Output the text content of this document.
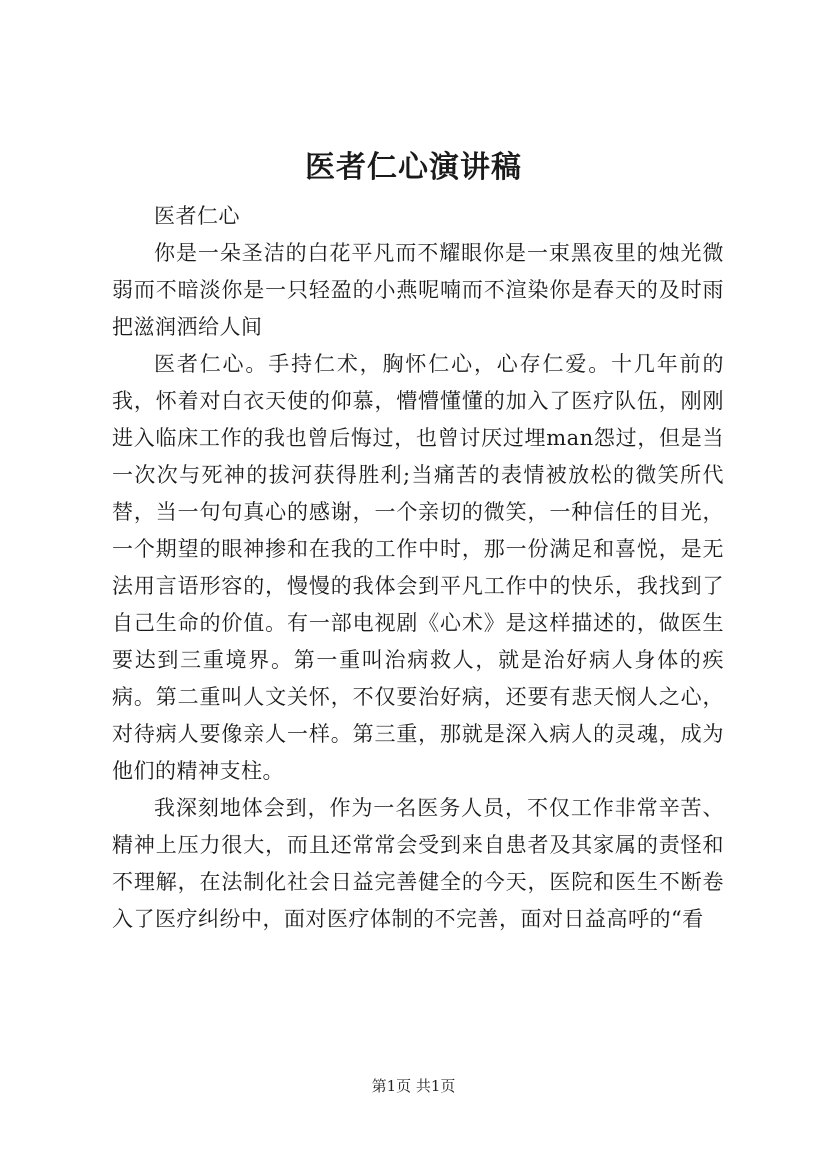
医者仁心演讲稿

医者仁心

你是一朵圣洁的白花平凡而不耀眼你是一束黑夜里的烛光微弱而不暗淡你是一只轻盈的小燕呢喃而不渲染你是春天的及时雨把滋润洒给人间

医者仁心。手持仁术，胸怀仁心，心存仁爱。十几年前的我，怀着对白衣天使的仰慕，懵懵懂懂的加入了医疗队伍，刚刚进入临床工作的我也曾后悔过，也曾讨厌过埋man怨过，但是当一次次与死神的拔河获得胜利;当痛苦的表情被放松的微笑所代替，当一句句真心的感谢，一个亲切的微笑，一种信任的目光，一个期望的眼神掺和在我的工作中时，那一份满足和喜悦，是无法用言语形容的，慢慢的我体会到平凡工作中的快乐，我找到了自己生命的价值。有一部电视剧《心术》是这样描述的，做医生要达到三重境界。第一重叫治病救人，就是治好病人身体的疾病。第二重叫人文关怀，不仅要治好病，还要有悲天悯人之心，对待病人要像亲人一样。第三重，那就是深入病人的灵魂，成为他们的精神支柱。

我深刻地体会到，作为一名医务人员，不仅工作非常辛苦、精神上压力很大，而且还常常会受到来自患者及其家属的责怪和不理解，在法制化社会日益完善健全的今天，医院和医生不断卷入了医疗纠纷中，面对医疗体制的不完善，面对日益高呼的“看

第1页 共1页
